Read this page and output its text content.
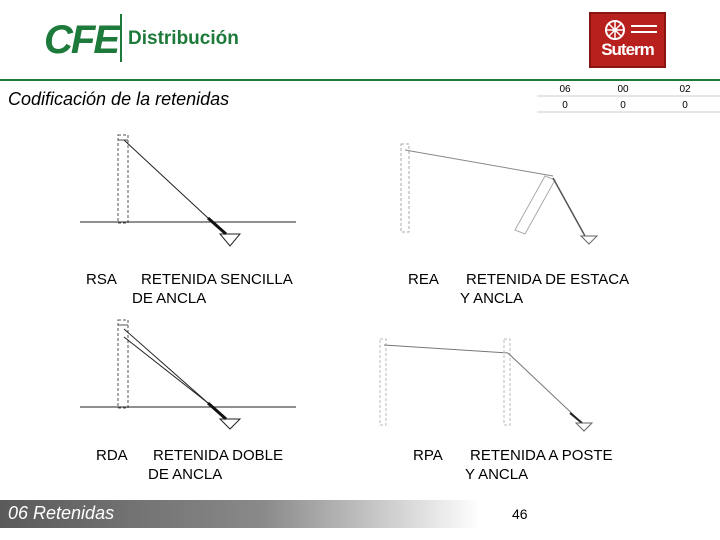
CFE Distribución
Suterm
Codificación de la retenidas	06	00	02
0	0	0
RSA RETENIDA SENCILLA
DE ANCLA
REA RETENIDA DE ESTACA
Y ANCLA
RDA RETENIDA DOBLE
DE ANCLA
RPA RETENIDA A POSTE
Y ANCLA
06 Retenidas	46
